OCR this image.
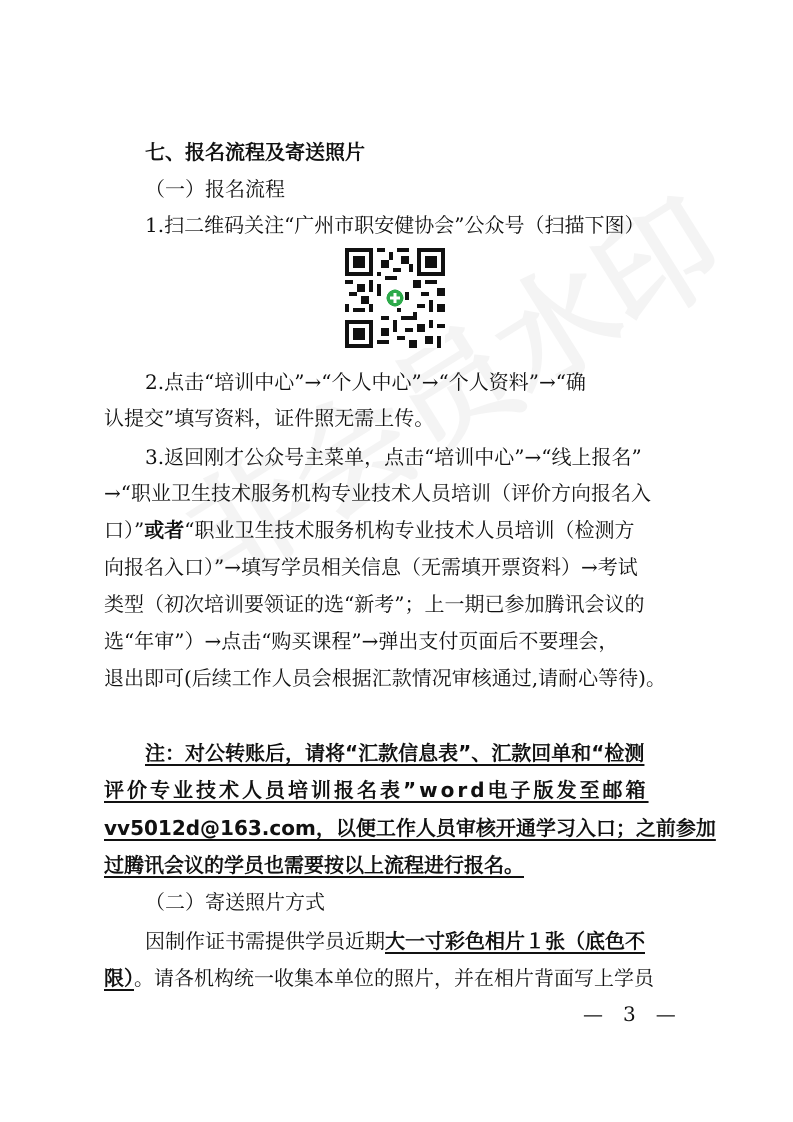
七、报名流程及寄送照片
（一）报名流程
1.扫二维码关注“广州市职安健协会”公众号（扫描下图）
2.点击“培训中心”→“个人中心”→“个人资料”→“确
认提交”填写资料，证件照无需上传。
3.返回刚才公众号主菜单，点击“培训中心”→“线上报名”
→“职业卫生技术服务机构专业技术人员培训（评价方向报名入
口）”或者“职业卫生技术服务机构专业技术人员培训（检测方
向报名入口）”→填写学员相关信息（无需填开票资料）→考试
类型（初次培训要领证的选“新考”；上一期已参加腾讯会议的
选“年审”）→点击“购买课程”→弹出支付页面后不要理会，
退出即可(后续工作人员会根据汇款情况审核通过,请耐心等待)。
注：对公转账后，请将“汇款信息表”、汇款回单和“检测
评价专业技术人员培训报名表”word电子版发至邮箱
vv5012d@163.com，以便工作人员审核开通学习入口；之前参加
过腾讯会议的学员也需要按以上流程进行报名。
（二）寄送照片方式
因制作证书需提供学员近期大一寸彩色相片１张（底色不
限）。请各机构统一收集本单位的照片，并在相片背面写上学员
—　3　—
